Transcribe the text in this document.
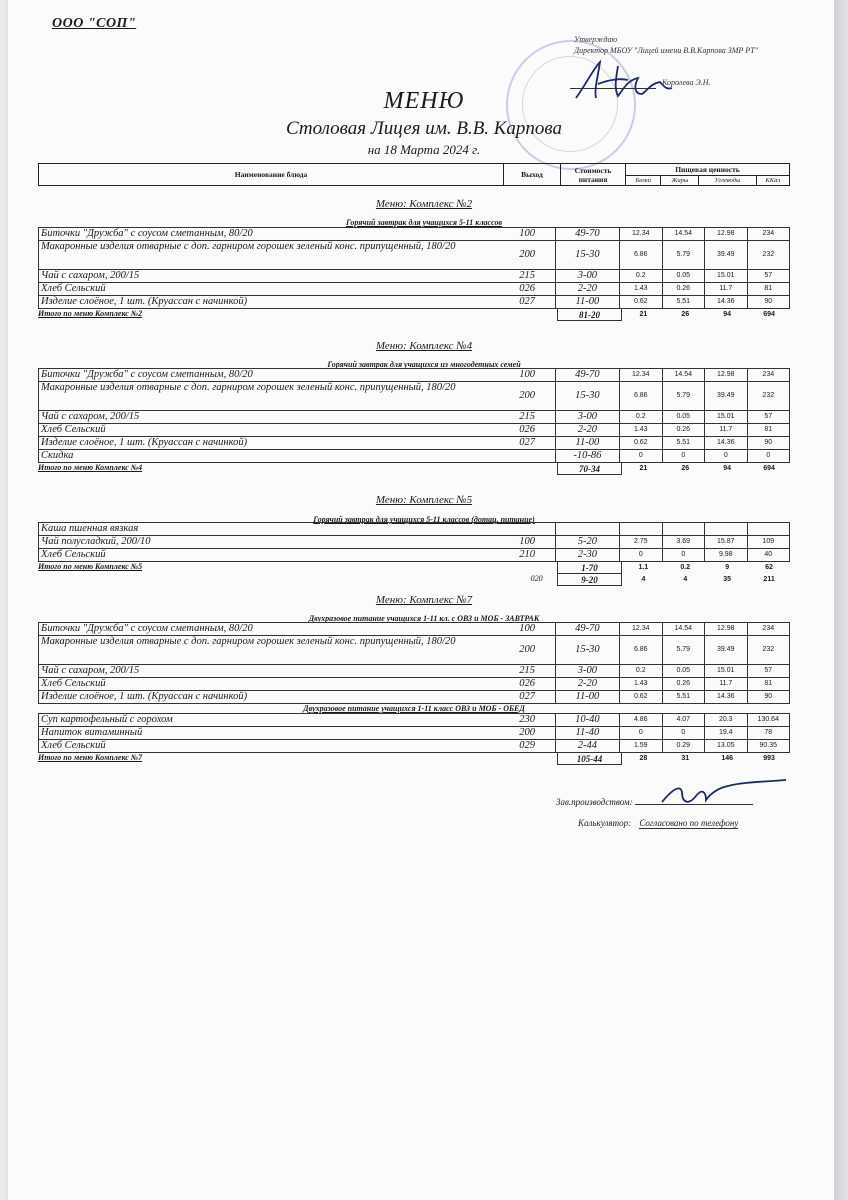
ООО "СОП"
Утверждаю
Директор МБОУ "Лицей имени В.В.Карпова ЗМР РТ"
Королева Э.Н.
МЕНЮ
Столовая Лицея им. В.В. Карпова
на 18 Марта 2024 г.
Наименование блюда	Выход	Стоимость питания	Пищевая ценность			
			Белки	Жиры	Углеводы	ККал
Меню: Комплекс №2
Горячий завтрак для учащихся 5-11 классов
Биточки "Дружба" с соусом сметанным, 80/20	100	49-70	12.34	14.54	12.98	234
Макаронные изделия отварные с доп. гарниром горошек зеленый конс. припущенный, 180/20
200	15-30	6.86	5.79	39.49	232
Чай с сахаром, 200/15	215	3-00	0.2	0.05	15.01	57
Хлеб Сельский	026	2-20	1.43	0.26	11.7	81
Изделие слоёное, 1 шт. (Круассан с начинкой)	027	11-00	0.62	5.51	14.36	90
Итого по меню Комплекс №2	81-20	21	26	94	694
Меню: Комплекс №4
Горячий завтрак для учащихся из многодетных семей
Биточки "Дружба" с соусом сметанным, 80/20	100	49-70	12.34	14.54	12.98	234
Макаронные изделия отварные с доп. гарниром горошек зеленый конс. припущенный, 180/20
200	15-30	6.86	5.79	39.49	232
Чай с сахаром, 200/15	215	3-00	0.2	0.05	15.01	57
Хлеб Сельский	026	2-20	1.43	0.26	11.7	81
Изделие слоёное, 1 шт. (Круассан с начинкой)	027	11-00	0.62	5.51	14.36	90
Скидка	-10-86	0	0	0	0
Итого по меню Комплекс №4	70-34	21	26	94	694
Меню: Комплекс №5
Горячий завтрак для учащихся 5-11 классов (дотац. питание)
Каша пшенная вязкая
Чай полусладкий, 200/10	100	5-20	2.75	3.69	15.87	109
Хлеб Сельский	210	2-30	0	0	9.98	40
Итого по меню Комплекс №5	1-70	1.1	0.2	9	62
020	9-20	4	4	35	211
Меню: Комплекс №7
Двухразовое питание учащихся 1-11 кл. с ОВЗ и МОБ - ЗАВТРАК
Биточки "Дружба" с соусом сметанным, 80/20	100	49-70	12.34	14.54	12.98	234
Макаронные изделия отварные с доп. гарниром горошек зеленый конс. припущенный, 180/20
200	15-30	6.86	5.79	39.49	232
Чай с сахаром, 200/15	215	3-00	0.2	0.05	15.01	57
Хлеб Сельский	026	2-20	1.43	0.26	11.7	81
Изделие слоёное, 1 шт. (Круассан с начинкой)	027	11-00	0.62	5.51	14.36	90
Двухразовое питание учащихся 1-11 класс ОВЗ и МОБ - ОБЕД
Суп картофельный с горохом	230	10-40	4.86	4.07	20.3	130.64
Напиток витаминный	200	11-40	0	0	19.4	78
Хлеб Сельский	029	2-44	1.59	0.29	13.05	90.35
Итого по меню Комплекс №7	105-44	28	31	146	993
Зав.производством:
Калькулятор: Согласовано по телефону
